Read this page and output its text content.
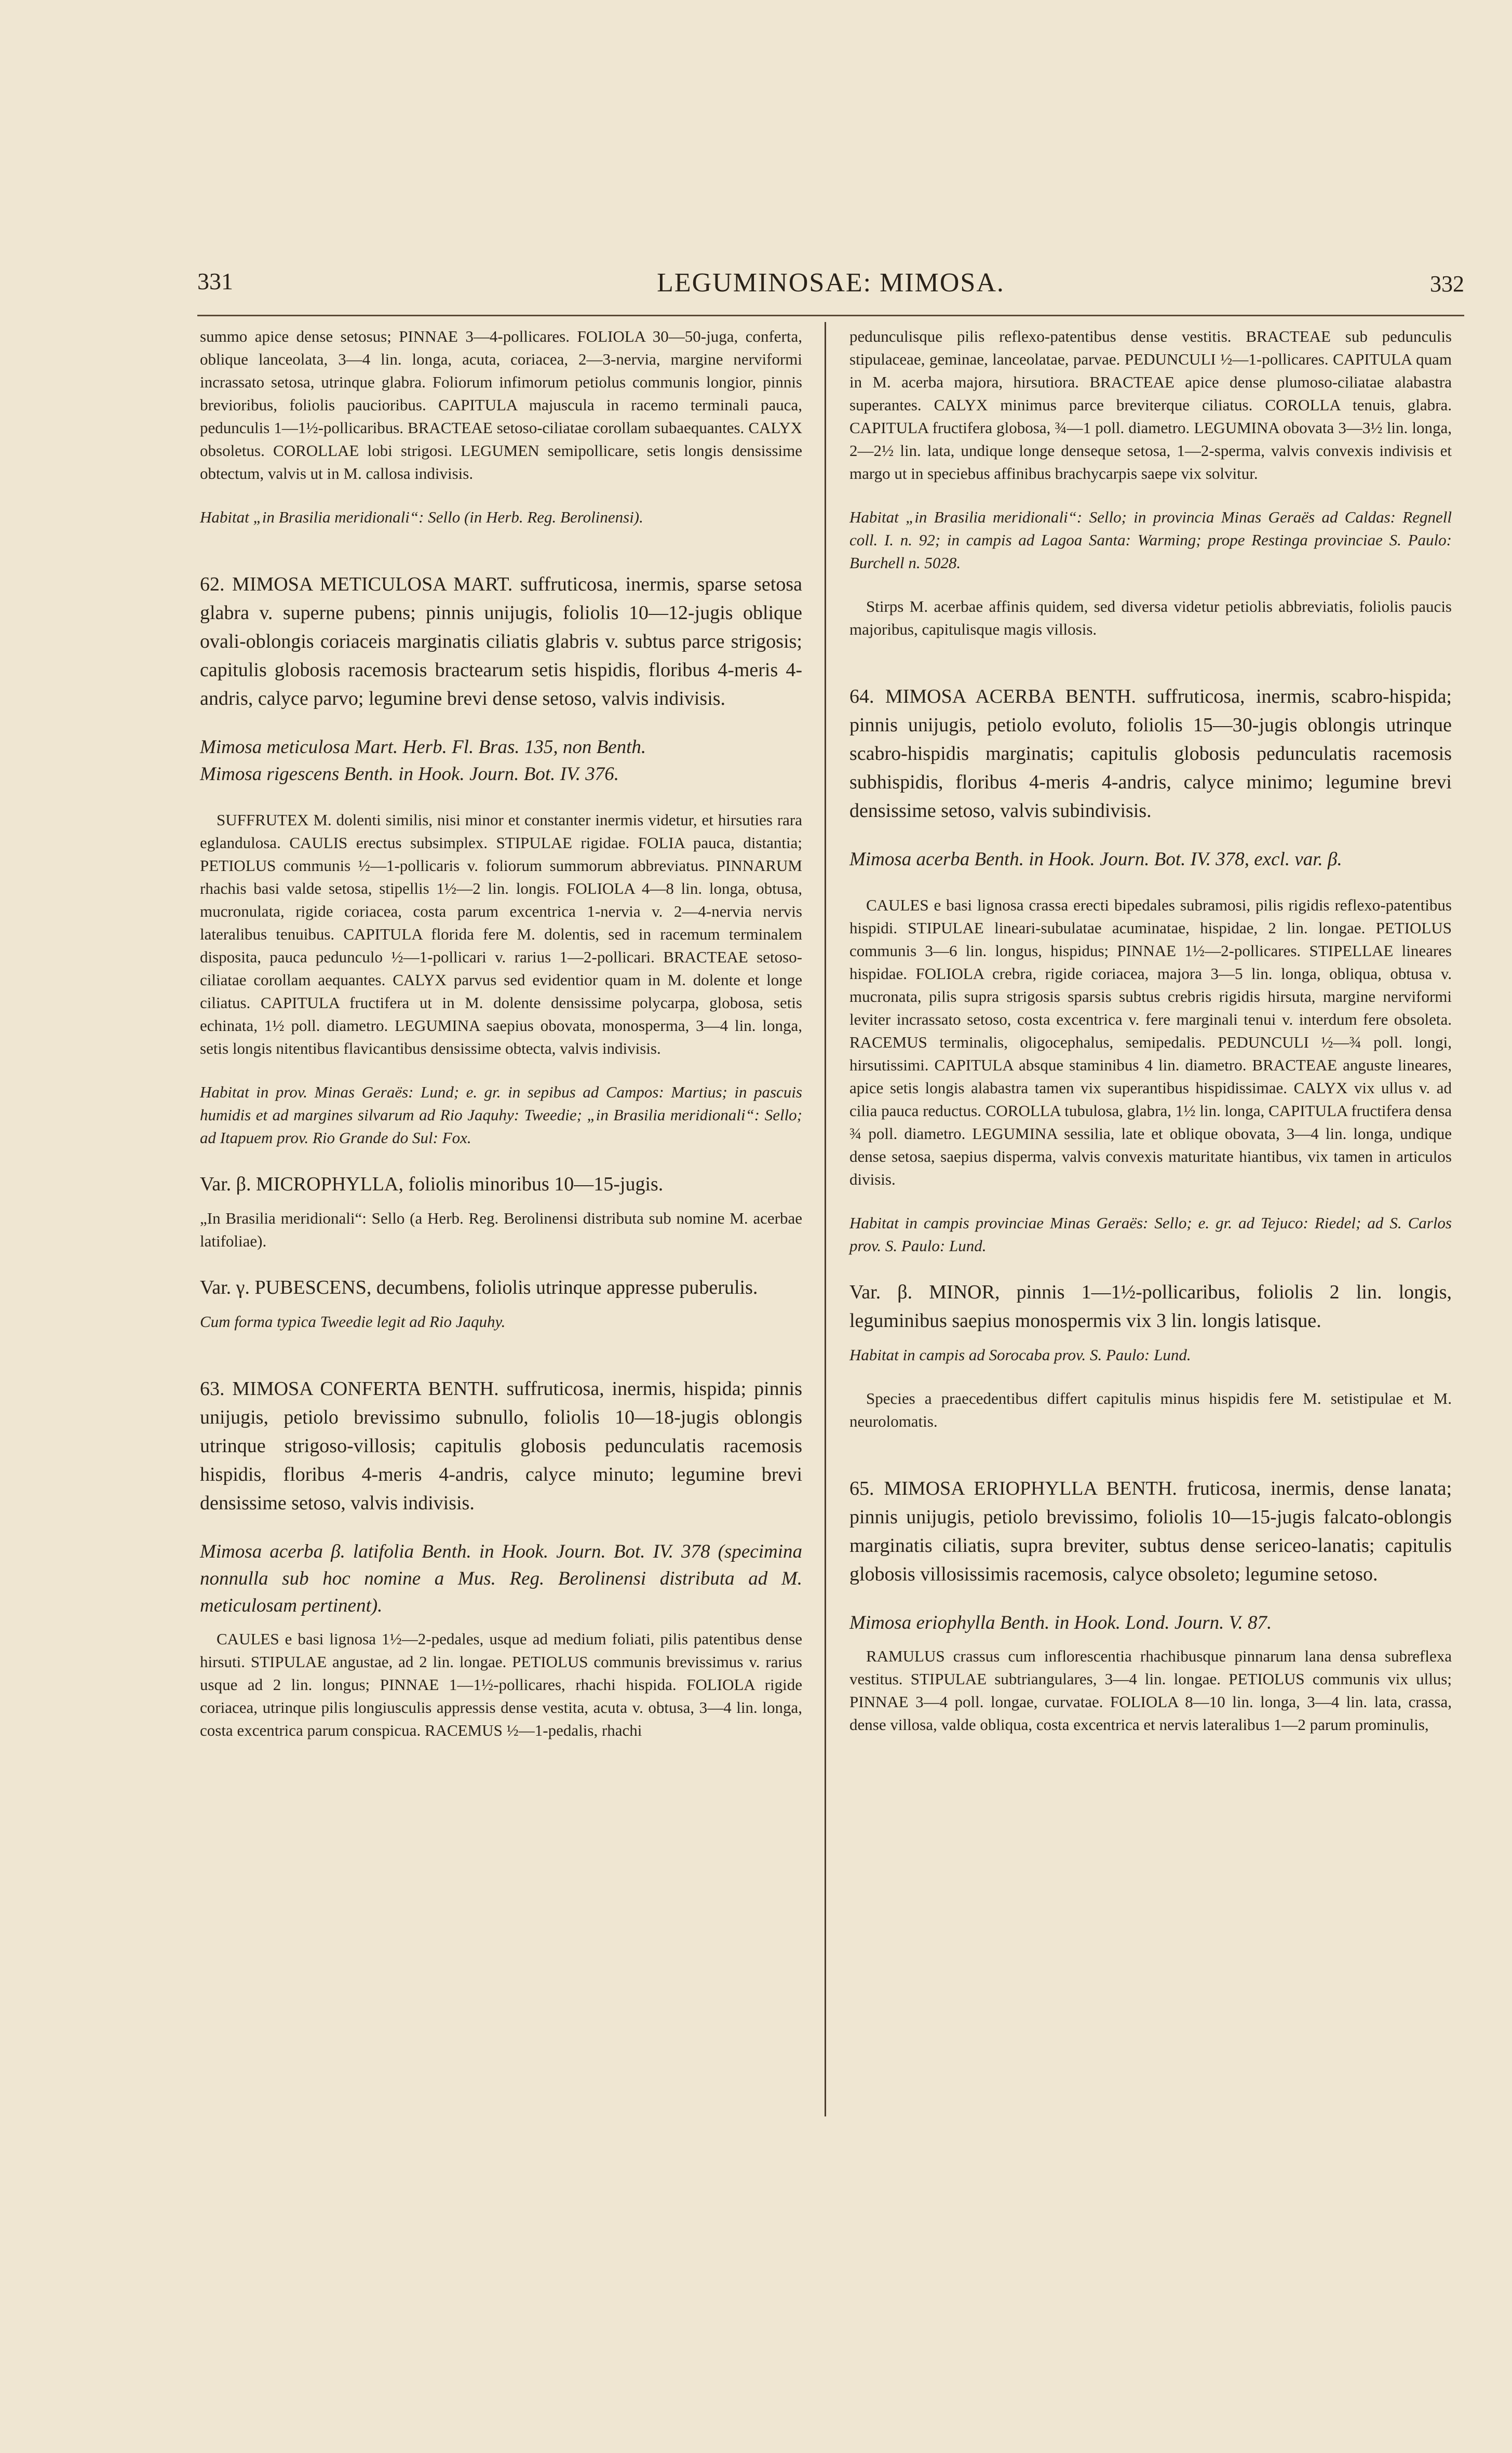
331	LEGUMINOSAE: MIMOSA.	332
summo apice dense setosus; PINNAE 3—4-pollicares. FOLIOLA 30—50-juga, conferta, oblique lanceolata, 3—4 lin. longa, acuta, coriacea, 2—3-nervia, margine nerviformi incrassato setosa, utrinque glabra. Foliorum infimorum petiolus communis longior, pinnis brevioribus, foliolis paucioribus. CAPITULA majuscula in racemo terminali pauca, pedunculis 1—1½-pollicaribus. BRACTEAE setoso-ciliatae corollam subaequantes. CALYX obsoletus. COROLLAE lobi strigosi. LEGUMEN semipollicare, setis longis densissime obtectum, valvis ut in M. callosa indivisis.
Habitat „in Brasilia meridionali“: Sello (in Herb. Reg. Berolinensi).
62. MIMOSA METICULOSA MART. suffruticosa, inermis, sparse setosa glabra v. superne pubens; pinnis unijugis, foliolis 10—12-jugis oblique ovali-oblongis coriaceis marginatis ciliatis glabris v. subtus parce strigosis; capitulis globosis racemosis bractearum setis hispidis, floribus 4-meris 4-andris, calyce parvo; legumine brevi dense setoso, valvis indivisis.
Mimosa meticulosa Mart. Herb. Fl. Bras. 135, non Benth.
Mimosa rigescens Benth. in Hook. Journ. Bot. IV. 376.
SUFFRUTEX M. dolenti similis, nisi minor et constanter inermis videtur, et hirsuties rara eglandulosa. CAULIS erectus subsimplex. STIPULAE rigidae. FOLIA pauca, distantia; PETIOLUS communis ½—1-pollicaris v. foliorum summorum abbreviatus. PINNARUM rhachis basi valde setosa, stipellis 1½—2 lin. longis. FOLIOLA 4—8 lin. longa, obtusa, mucronulata, rigide coriacea, costa parum excentrica 1-nervia v. 2—4-nervia nervis lateralibus tenuibus. CAPITULA florida fere M. dolentis, sed in racemum terminalem disposita, pauca pedunculo ½—1-pollicari v. rarius 1—2-pollicari. BRACTEAE setoso-ciliatae corollam aequantes. CALYX parvus sed evidentior quam in M. dolente et longe ciliatus. CAPITULA fructifera ut in M. dolente densissime polycarpa, globosa, setis echinata, 1½ poll. diametro. LEGUMINA saepius obovata, monosperma, 3—4 lin. longa, setis longis nitentibus flavicantibus densissime obtecta, valvis indivisis.
Habitat in prov. Minas Geraës: Lund; e. gr. in sepibus ad Campos: Martius; in pascuis humidis et ad margines silvarum ad Rio Jaquhy: Tweedie; „in Brasilia meridionali“: Sello; ad Itapuem prov. Rio Grande do Sul: Fox.
Var. β. MICROPHYLLA, foliolis minoribus 10—15-jugis.
„In Brasilia meridionali“: Sello (a Herb. Reg. Berolinensi distributa sub nomine M. acerbae latifoliae).
Var. γ. PUBESCENS, decumbens, foliolis utrinque appresse puberulis.
Cum forma typica Tweedie legit ad Rio Jaquhy.
63. MIMOSA CONFERTA BENTH. suffruticosa, inermis, hispida; pinnis unijugis, petiolo brevissimo subnullo, foliolis 10—18-jugis oblongis utrinque strigoso-villosis; capitulis globosis pedunculatis racemosis hispidis, floribus 4-meris 4-andris, calyce minuto; legumine brevi densissime setoso, valvis indivisis.
Mimosa acerba β. latifolia Benth. in Hook. Journ. Bot. IV. 378 (specimina nonnulla sub hoc nomine a Mus. Reg. Berolinensi distributa ad M. meticulosam pertinent).
CAULES e basi lignosa 1½—2-pedales, usque ad medium foliati, pilis patentibus dense hirsuti. STIPULAE angustae, ad 2 lin. longae. PETIOLUS communis brevissimus v. rarius usque ad 2 lin. longus; PINNAE 1—1½-pollicares, rhachi hispida. FOLIOLA rigide coriacea, utrinque pilis longiusculis appressis dense vestita, acuta v. obtusa, 3—4 lin. longa, costa excentrica parum conspicua. RACEMUS ½—1-pedalis, rhachi
pedunculisque pilis reflexo-patentibus dense vestitis. BRACTEAE sub pedunculis stipulaceae, geminae, lanceolatae, parvae. PEDUNCULI ½—1-pollicares. CAPITULA quam in M. acerba majora, hirsutiora. BRACTEAE apice dense plumoso-ciliatae alabastra superantes. CALYX minimus parce breviterque ciliatus. COROLLA tenuis, glabra. CAPITULA fructifera globosa, ¾—1 poll. diametro. LEGUMINA obovata 3—3½ lin. longa, 2—2½ lin. lata, undique longe denseque setosa, 1—2-sperma, valvis convexis indivisis et margo ut in speciebus affinibus brachycarpis saepe vix solvitur.
Habitat „in Brasilia meridionali“: Sello; in provincia Minas Geraës ad Caldas: Regnell coll. I. n. 92; in campis ad Lagoa Santa: Warming; prope Restinga provinciae S. Paulo: Burchell n. 5028.
Stirps M. acerbae affinis quidem, sed diversa videtur petiolis abbreviatis, foliolis paucis majoribus, capitulisque magis villosis.
64. MIMOSA ACERBA BENTH. suffruticosa, inermis, scabro-hispida; pinnis unijugis, petiolo evoluto, foliolis 15—30-jugis oblongis utrinque scabro-hispidis marginatis; capitulis globosis pedunculatis racemosis subhispidis, floribus 4-meris 4-andris, calyce minimo; legumine brevi densissime setoso, valvis subindivisis.
Mimosa acerba Benth. in Hook. Journ. Bot. IV. 378, excl. var. β.
CAULES e basi lignosa crassa erecti bipedales subramosi, pilis rigidis reflexo-patentibus hispidi. STIPULAE lineari-subulatae acuminatae, hispidae, 2 lin. longae. PETIOLUS communis 3—6 lin. longus, hispidus; PINNAE 1½—2-pollicares. STIPELLAE lineares hispidae. FOLIOLA crebra, rigide coriacea, majora 3—5 lin. longa, obliqua, obtusa v. mucronata, pilis supra strigosis sparsis subtus crebris rigidis hirsuta, margine nerviformi leviter incrassato setoso, costa excentrica v. fere marginali tenui v. interdum fere obsoleta. RACEMUS terminalis, oligocephalus, semipedalis. PEDUNCULI ½—¾ poll. longi, hirsutissimi. CAPITULA absque staminibus 4 lin. diametro. BRACTEAE anguste lineares, apice setis longis alabastra tamen vix superantibus hispidissimae. CALYX vix ullus v. ad cilia pauca reductus. COROLLA tubulosa, glabra, 1½ lin. longa, CAPITULA fructifera densa ¾ poll. diametro. LEGUMINA sessilia, late et oblique obovata, 3—4 lin. longa, undique dense setosa, saepius disperma, valvis convexis maturitate hiantibus, vix tamen in articulos divisis.
Habitat in campis provinciae Minas Geraës: Sello; e. gr. ad Tejuco: Riedel; ad S. Carlos prov. S. Paulo: Lund.
Var. β. MINOR, pinnis 1—1½-pollicaribus, foliolis 2 lin. longis, leguminibus saepius monospermis vix 3 lin. longis latisque.
Habitat in campis ad Sorocaba prov. S. Paulo: Lund.
Species a praecedentibus differt capitulis minus hispidis fere M. setistipulae et M. neurolomatis.
65. MIMOSA ERIOPHYLLA BENTH. fruticosa, inermis, dense lanata; pinnis unijugis, petiolo brevissimo, foliolis 10—15-jugis falcato-oblongis marginatis ciliatis, supra breviter, subtus dense sericeo-lanatis; capitulis globosis villosissimis racemosis, calyce obsoleto; legumine setoso.
Mimosa eriophylla Benth. in Hook. Lond. Journ. V. 87.
RAMULUS crassus cum inflorescentia rhachibusque pinnarum lana densa subreflexa vestitus. STIPULAE subtriangulares, 3—4 lin. longae. PETIOLUS communis vix ullus; PINNAE 3—4 poll. longae, curvatae. FOLIOLA 8—10 lin. longa, 3—4 lin. lata, crassa, dense villosa, valde obliqua, costa excentrica et nervis lateralibus 1—2 parum prominulis,
